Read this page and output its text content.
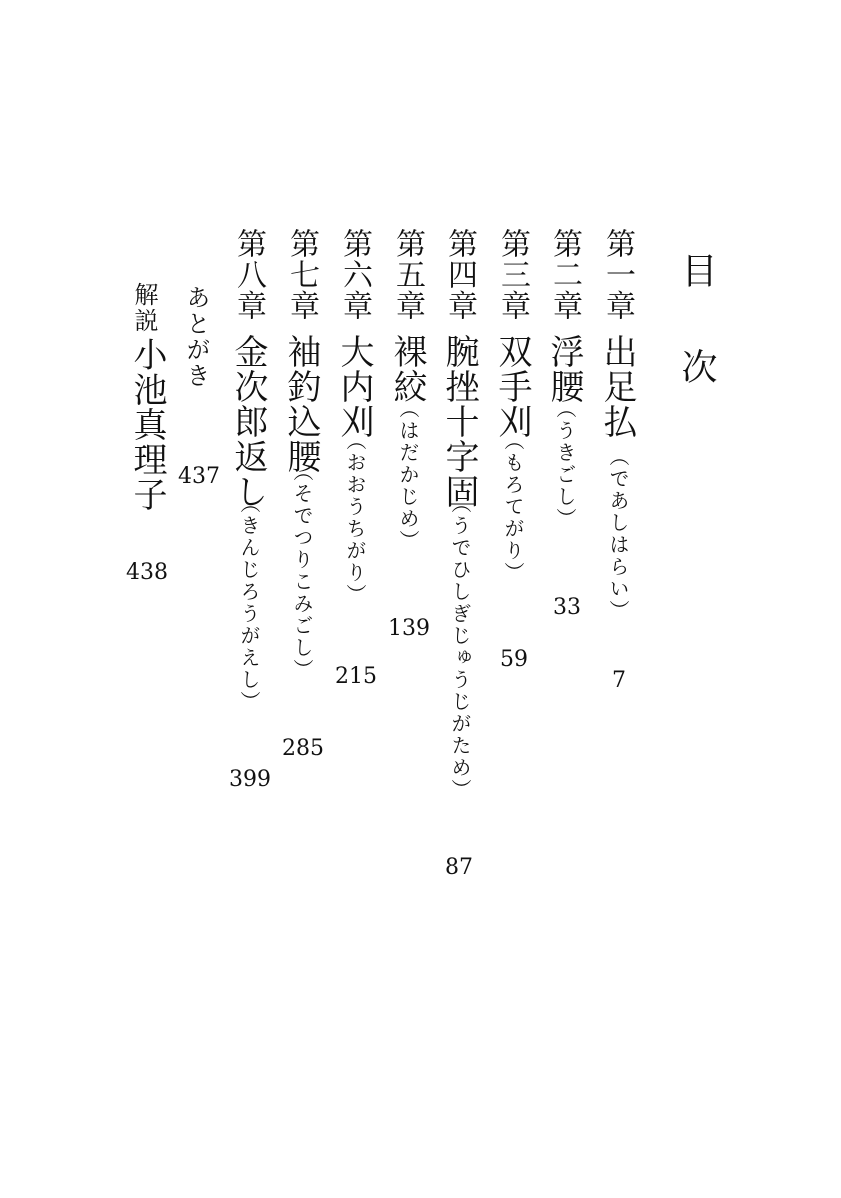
目次
第一章
出足払
（であしはらい）
7
第二章
浮腰
（うきごし）
33
第三章
双手刈
（もろてがり）
59
第四章
腕挫十字固
（うでひしぎじゅうじがため）
87
第五章
裸絞
（はだかじめ）
139
第六章
大内刈
（おおうちがり）
215
第七章
袖釣込腰
（そでつりこみごし）
285
第八章
金次郎返し
（きんじろうがえし）
399
あとがき
437
解説
小池真理子
438
